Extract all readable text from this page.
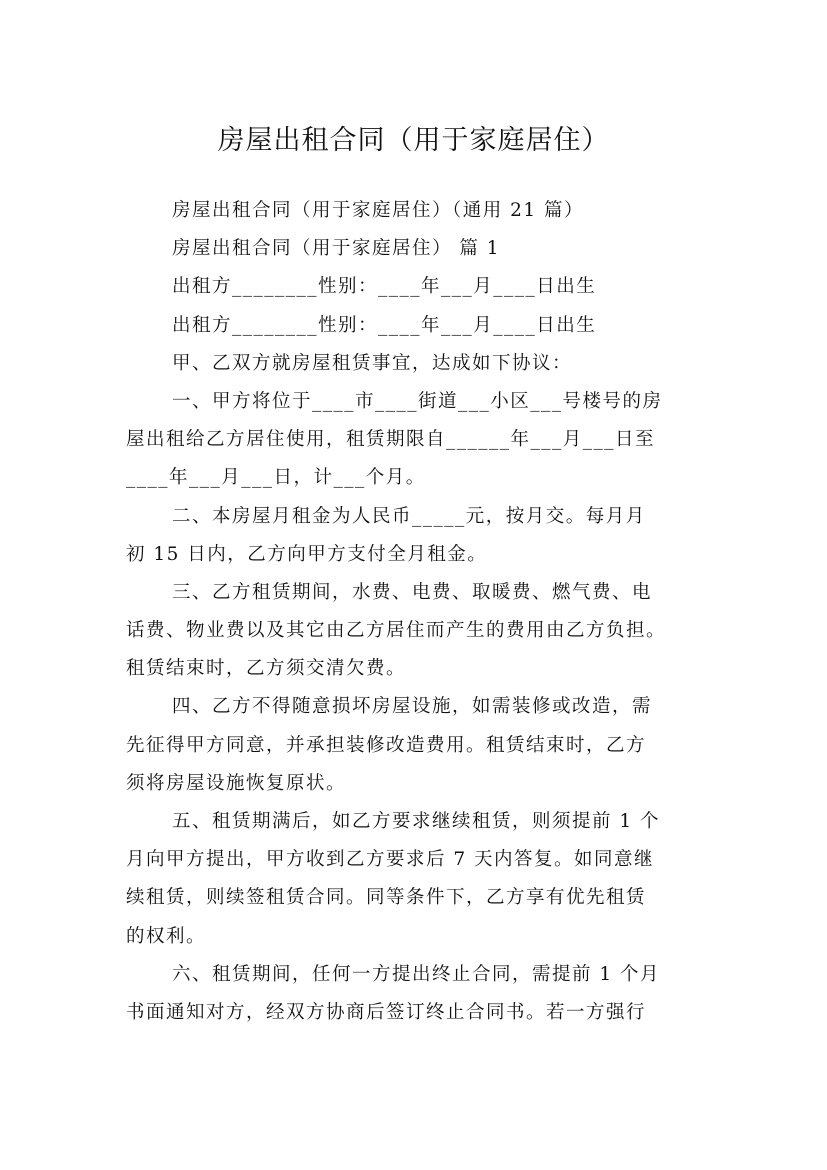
房屋出租合同（用于家庭居住）
房屋出租合同（用于家庭居住）（通用 21 篇）
房屋出租合同（用于家庭居住） 篇 1
出租方________性别：____年___月____日出生
出租方________性别：____年___月____日出生
甲、乙双方就房屋租赁事宜，达成如下协议：
一、甲方将位于____市____街道___小区___号楼号的房
屋出租给乙方居住使用，租赁期限自______年___月___日至
____年___月___日，计___个月。
二、本房屋月租金为人民币_____元，按月交。每月月
初 15 日内，乙方向甲方支付全月租金。
三、乙方租赁期间，水费、电费、取暖费、燃气费、电
话费、物业费以及其它由乙方居住而产生的费用由乙方负担。
租赁结束时，乙方须交清欠费。
四、乙方不得随意损坏房屋设施，如需装修或改造，需
先征得甲方同意，并承担装修改造费用。租赁结束时，乙方
须将房屋设施恢复原状。
五、租赁期满后，如乙方要求继续租赁，则须提前 1 个
月向甲方提出，甲方收到乙方要求后 7 天内答复。如同意继
续租赁，则续签租赁合同。同等条件下，乙方享有优先租赁
的权利。
六、租赁期间，任何一方提出终止合同，需提前 1 个月
书面通知对方，经双方协商后签订终止合同书。若一方强行
